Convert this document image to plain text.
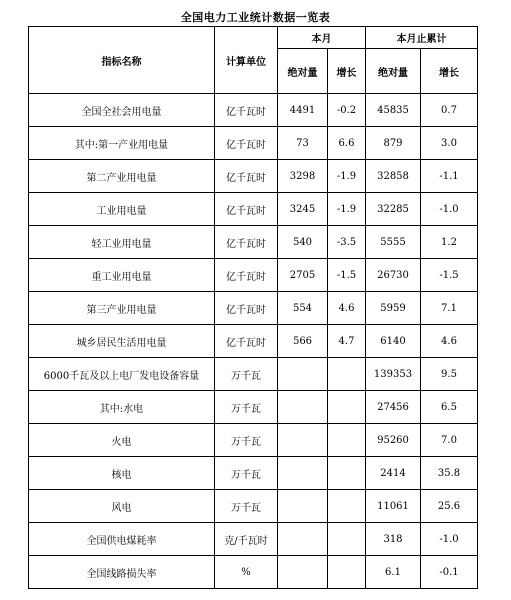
全国电力工业统计数据一览表
指标名称	计算单位	本月		本月止累计	
		绝对量	增长	绝对量	增长
全国全社会用电量	亿千瓦时	4491	-0.2	45835	0.7
其中:第一产业用电量	亿千瓦时	73	6.6	879	3.0
第二产业用电量	亿千瓦时	3298	-1.9	32858	-1.1
工业用电量	亿千瓦时	3245	-1.9	32285	-1.0
轻工业用电量	亿千瓦时	540	-3.5	5555	1.2
重工业用电量	亿千瓦时	2705	-1.5	26730	-1.5
第三产业用电量	亿千瓦时	554	4.6	5959	7.1
城乡居民生活用电量	亿千瓦时	566	4.7	6140	4.6
6000千瓦及以上电厂发电设备容量	万千瓦			139353	9.5
其中:水电	万千瓦			27456	6.5
火电	万千瓦			95260	7.0
核电	万千瓦			2414	35.8
风电	万千瓦			11061	25.6
全国供电煤耗率	克/千瓦时			318	-1.0
全国线路损失率	%			6.1	-0.1
